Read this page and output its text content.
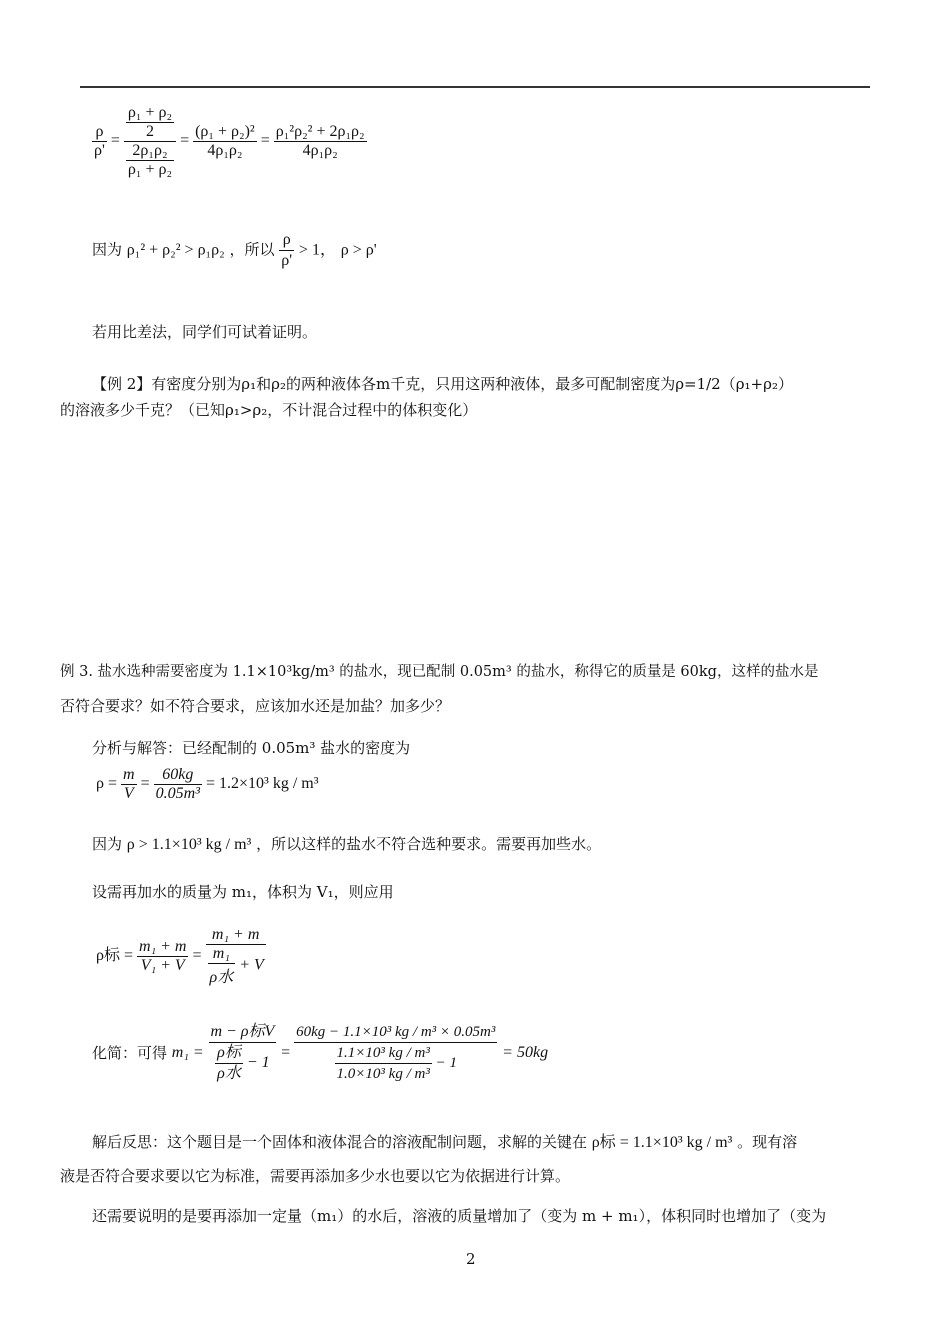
$\frac{\rho}{\rho'} = \frac{\frac{\text{ρ₁ + ρ₂}}{2}}{\frac{\text{2ρ₁ρ₂}}{\text{ρ₁ + ρ₂}}} = \frac{\text{(ρ₁ + ρ₂)²}}{\text{4ρ₁ρ₂}} = \frac{\text{ρ₁²ρ₂² + 2ρ₁ρ₂}}{\text{4ρ₁ρ₂}}$
因为 ρ₁² + ρ₂² > ρ₁ρ₂ ，所以 $\frac{\rho}{\rho'} > 1$， ρ > ρ'
若用比差法，同学们可试着证明。
【例 2】有密度分别为ρ₁和ρ₂的两种液体各m千克，只用这两种液体，最多可配制密度为ρ=1/2（ρ₁+ρ₂）
的溶液多少千克？（已知ρ₁>ρ₂，不计混合过程中的体积变化）
例 3. 盐水选种需要密度为 1.1×10³kg/m³ 的盐水，现已配制 0.05m³ 的盐水，称得它的质量是 60kg，这样的盐水是
否符合要求？如不符合要求，应该加水还是加盐？加多少？
分析与解答：已经配制的 0.05m³ 盐水的密度为
$\rho = \frac{m}{V} = \frac{60kg}{\text{0.05m³}} = 1.2\times 10^3$ kg / m³
因为 ρ > 1.1×10³ kg / m³ ，所以这样的盐水不符合选种要求。需要再加些水。
设需再加水的质量为 m₁，体积为 V₁，则应用
ρ标 = $\frac{\text{m₁ + m}}{\text{V₁ + V}}$ =
m₁ + m
m₁
ρ水
+ V
化简：可得 m₁ =
m − ρ标V
ρ标
ρ水
− 1
= $\frac{\text{60kg − 1.1×10³ kg / m³ × 0.05m³}}{\frac{\text{1.1×10³ kg / m³}}{\text{1.0×10³ kg / m³}} - 1} = 50kg$
解后反思：这个题目是一个固体和液体混合的溶液配制问题，求解的关键在 ρ标 = 1.1×10³ kg / m³ 。现有溶
液是否符合要求要以它为标准，需要再添加多少水也要以它为依据进行计算。
还需要说明的是要再添加一定量（m₁）的水后，溶液的质量增加了（变为 m + m₁），体积同时也增加了（变为
2
